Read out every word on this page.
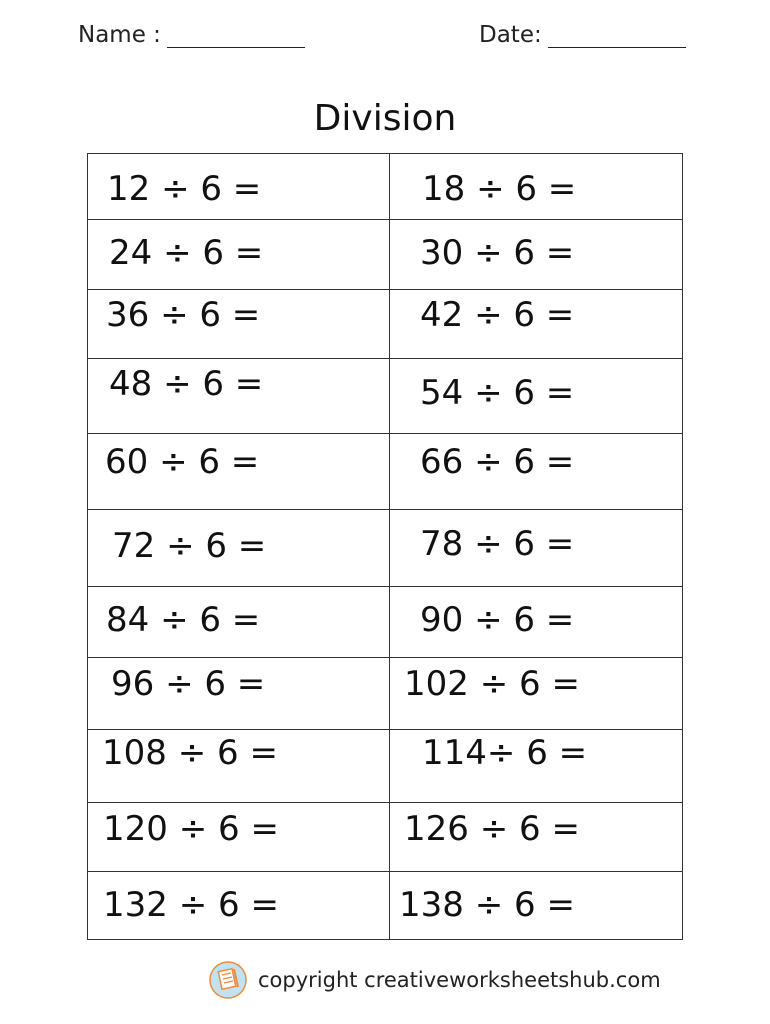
Name :	Date:
Division
12 ÷ 6 =	18 ÷ 6 =
24 ÷ 6 =	30 ÷ 6 =
36 ÷ 6 =	42 ÷ 6 =
48 ÷ 6 =	54 ÷ 6 =
60 ÷ 6 =	66 ÷ 6 =
72 ÷ 6 =	78 ÷ 6 =
84 ÷ 6 =	90 ÷ 6 =
96 ÷ 6 =	102 ÷ 6 =
108 ÷ 6 =	114÷ 6 =
120 ÷ 6 =	126 ÷ 6 =
132 ÷ 6 =	138 ÷ 6 =
copyright creativeworksheetshub.com
